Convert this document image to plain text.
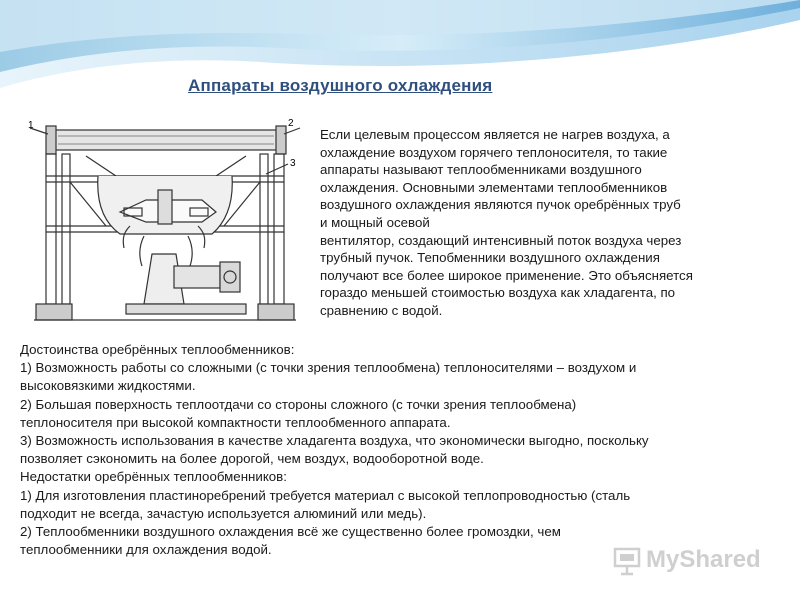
Аппараты воздушного охлаждения
1	2
3
Если целевым процессом является не нагрев воздуха, а
охлаждение воздухом горячего теплоносителя, то такие
аппараты называют теплообменниками воздушного
охлаждения. Основными элементами теплообменников
воздушного охлаждения являются пучок оребрённых труб
и мощный осевой
вентилятор, создающий интенсивный поток воздуха через
трубный пучок. Тепобменники воздушного охлаждения
получают все более широкое применение. Это объясняется
гораздо меньшей стоимостью воздуха как хладагента, по
сравнению с водой.
Достоинства оребрённых теплообменников:
1) Возможность работы со сложными (с точки зрения теплообмена) теплоносителями – воздухом и
высоковязкими жидкостями.
2) Большая поверхность теплоотдачи со стороны сложного (с точки зрения теплообмена)
теплоносителя при высокой компактности теплообменного аппарата.
3) Возможность использования в качестве хладагента воздуха, что экономически выгодно, поскольку
позволяет сэкономить на более дорогой, чем воздух, водооборотной воде.
Недостатки оребрённых теплообменников:
1) Для изготовления пластиноребрений требуется материал с высокой теплопроводностью (сталь
подходит не всегда, зачастую используется алюминий или медь).
2) Теплообменники воздушного охлаждения всё же существенно более громоздки, чем
теплообменники для охлаждения водой.	MyShared
